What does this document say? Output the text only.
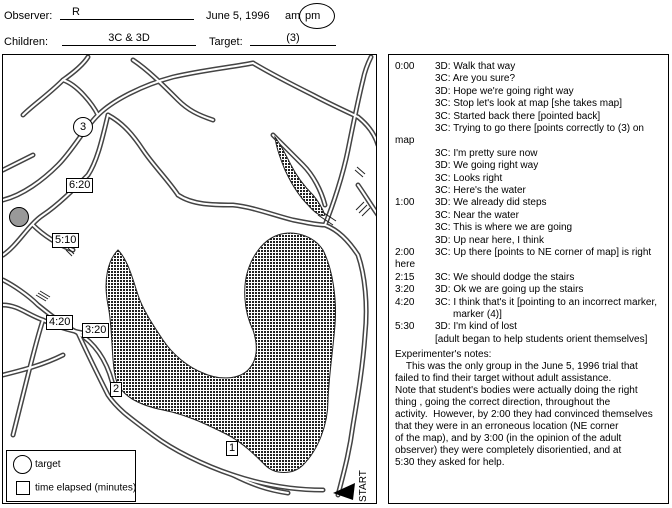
Observer:	R	June 5, 1996 am pm
Children:	3C & 3D	Target:	(3)
3
6:20
5:10
4:20
3:20
2
1
START
target
time elapsed (minutes)
0:00 3D: Walk that way
3C: Are you sure?
3D: Hope we're going right way
3C: Stop let's look at map [she takes map]
3C: Started back there [pointed back]
3C: Trying to go there [points correctly to (3) on
map
3C: I'm pretty sure now
3D: We going right way
3C: Looks right
3C: Here's the water
1:00 3D: We already did steps
3C: Near the water
3C: This is where we are going
3D: Up near here, I think
2:00 3C: Up there [points to NE corner of map] is right
here
2:15 3C: We should dodge the stairs
3:20 3D: Ok we are going up the stairs
4:20 3C: I think that's it [pointing to an incorrect marker,
marker (4)]
5:30 3D: I'm kind of lost
[adult began to help students orient themselves]
Experimenter's notes:
This was the only group in the June 5, 1996 trial that
failed to find their target without adult assistance.
Note that student's bodies were actually doing the right
thing , going the correct direction, throughout the
activity.  However, by 2:00 they had convinced themselves
that they were in an erroneous location (NE corner
of the map), and by 3:00 (in the opinion of the adult
observer) they were completely disorientied, and at
5:30 they asked for help.
